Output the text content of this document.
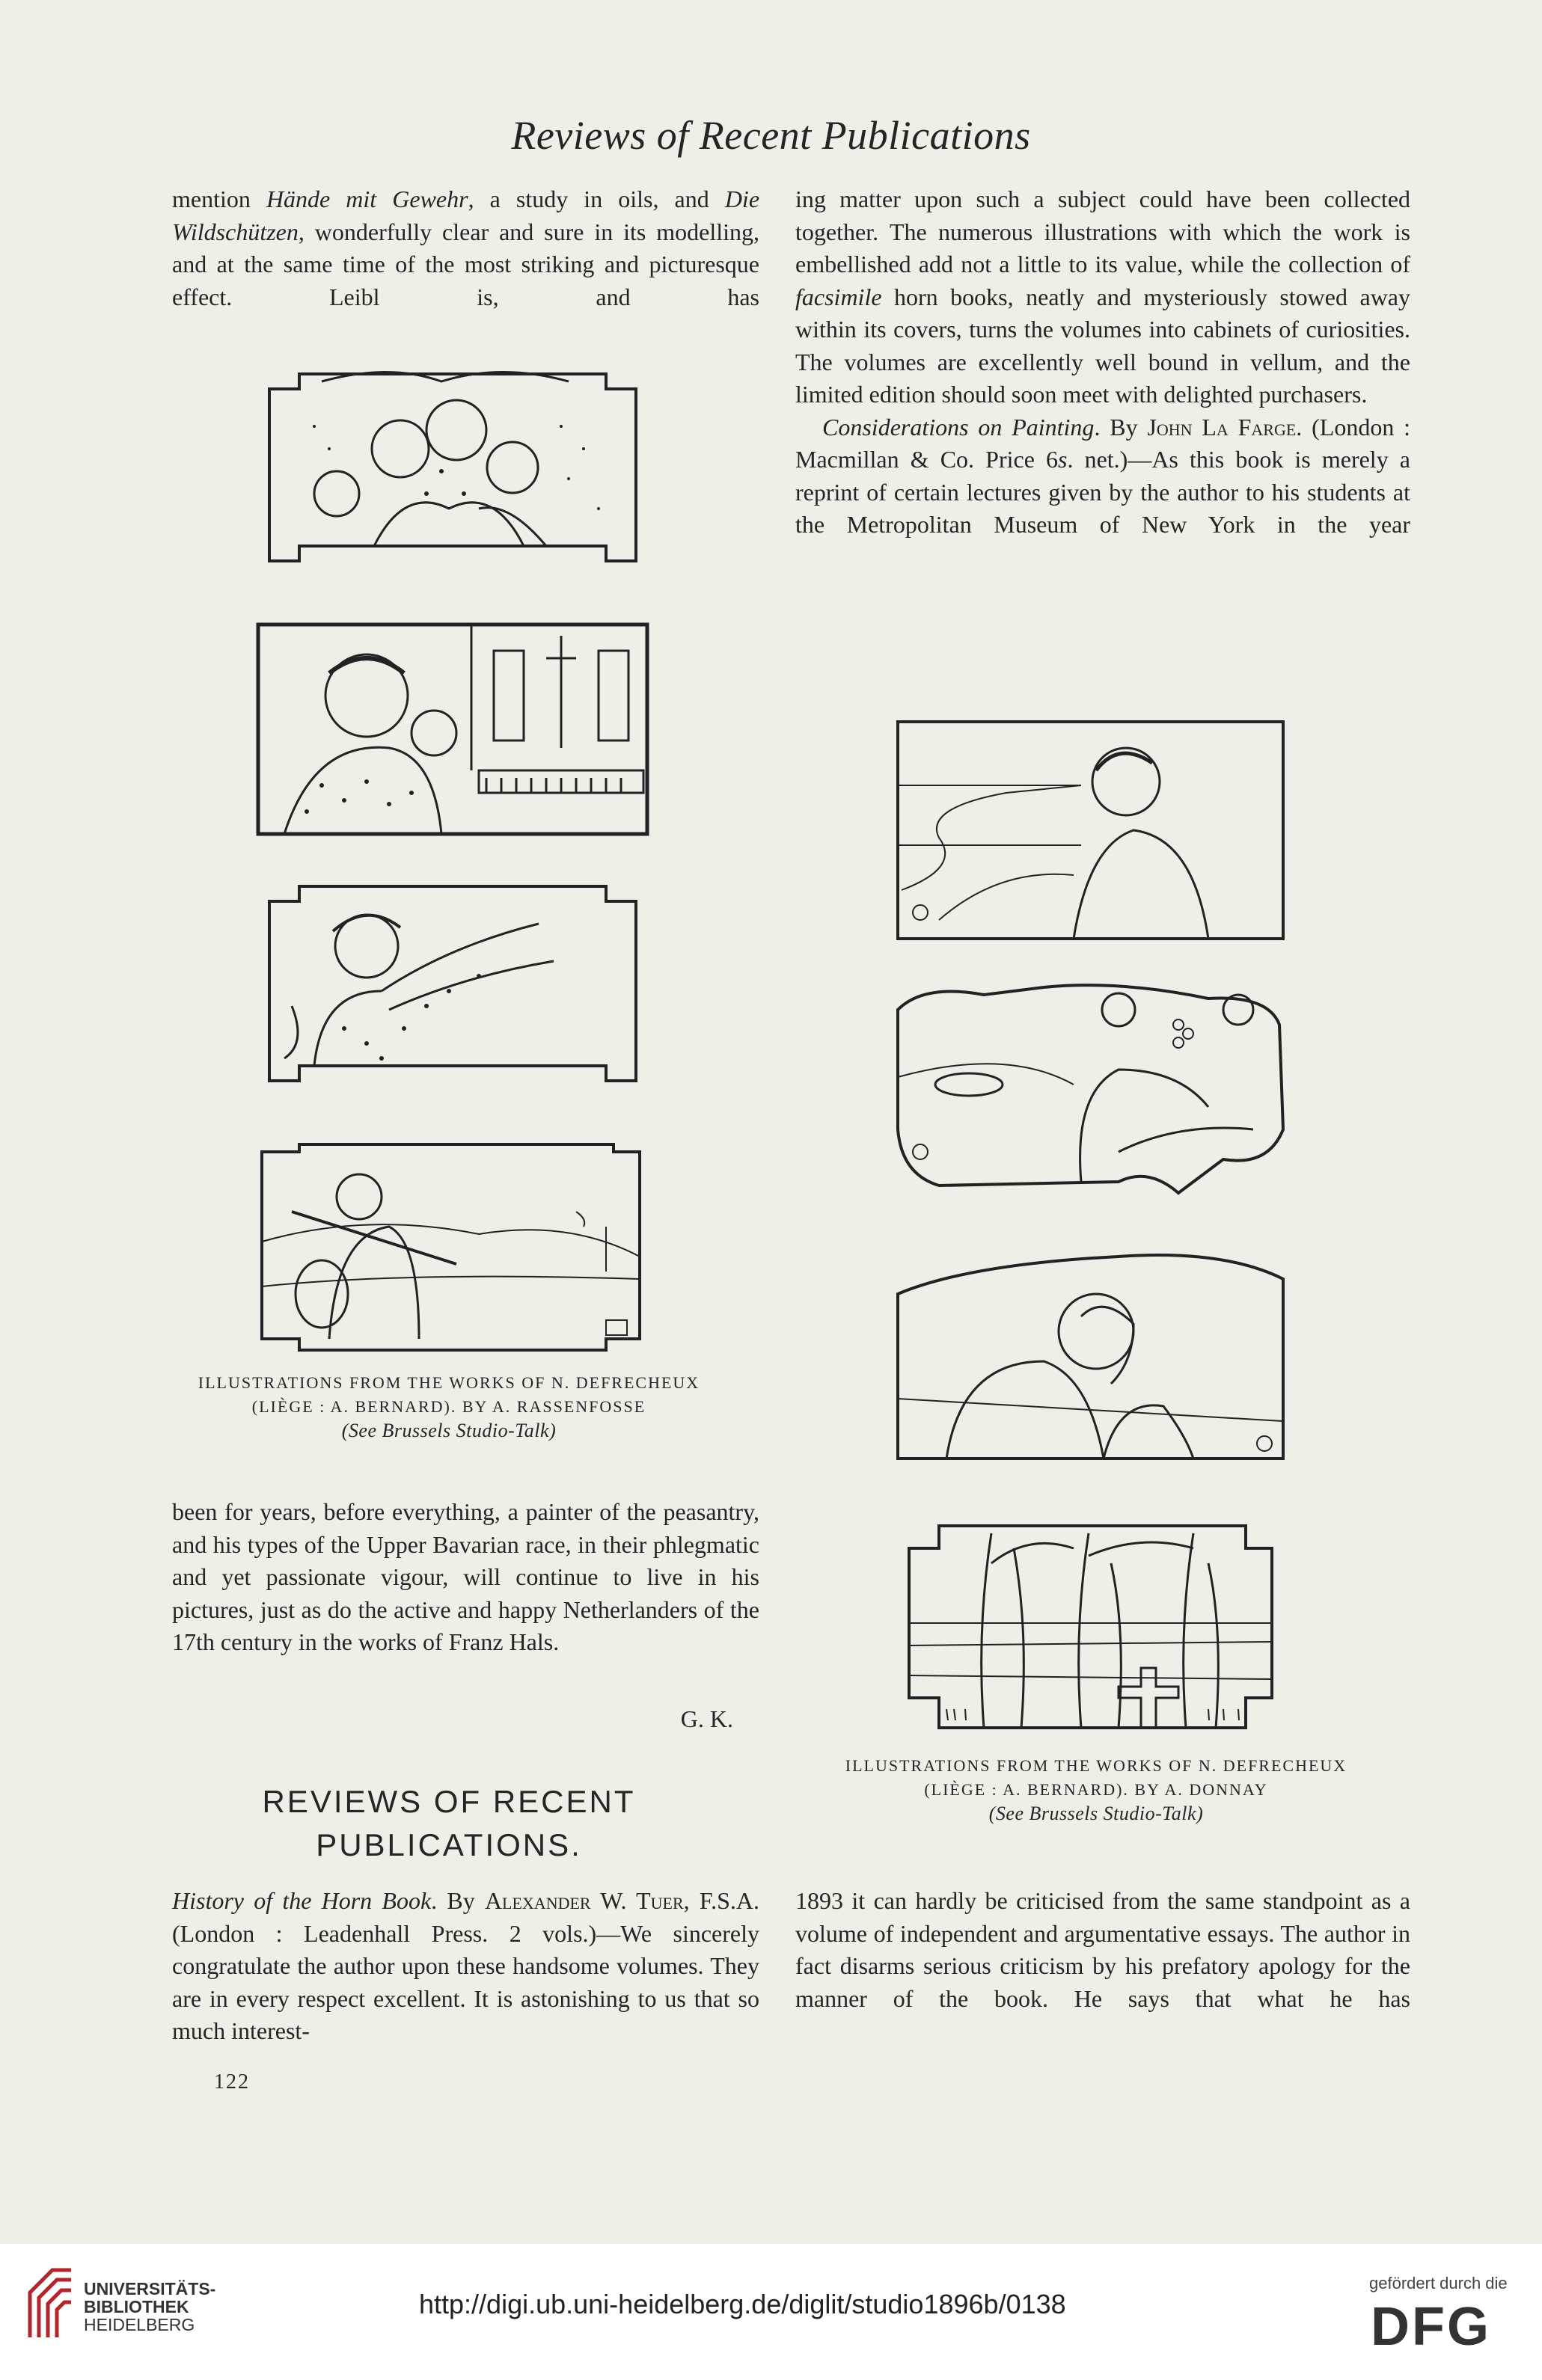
Reviews of Recent Publications

mention Hände mit Gewehr, a study in oils, and Die Wildschützen, wonderfully clear and sure in its modelling, and at the same time of the most striking and picturesque effect. Leibl is, and has

ILLUSTRATIONS FROM THE WORKS OF N. DEFRECHEUX
(LIÈGE : A. BERNARD). BY A. RASSENFOSSE
(See Brussels Studio-Talk)

been for years, before everything, a painter of the peasantry, and his types of the Upper Bavarian race, in their phlegmatic and yet passionate vigour, will continue to live in his pictures, just as do the active and happy Netherlanders of the 17th century in the works of Franz Hals.

G. K.
REVIEWS OF RECENT
PUBLICATIONS.

History of the Horn Book. By Alexander W. Tuer, F.S.A. (London : Leadenhall Press. 2 vols.)—We sincerely congratulate the author upon these handsome volumes. They are in every respect excellent. It is astonishing to us that so much interest-

122

ing matter upon such a subject could have been collected together. The numerous illustrations with which the work is embellished add not a little to its value, while the collection of facsimile horn books, neatly and mysteriously stowed away within its covers, turns the volumes into cabinets of curiosities. The volumes are excellently well bound in vellum, and the limited edition should soon meet with delighted purchasers.

Considerations on Painting. By John La Farge. (London : Macmillan & Co. Price 6s. net.)—As this book is merely a reprint of certain lectures given by the author to his students at the Metropolitan Museum of New York in the year

ILLUSTRATIONS FROM THE WORKS OF N. DEFRECHEUX
(LIÈGE : A. BERNARD). BY A. DONNAY
(See Brussels Studio-Talk)

1893 it can hardly be criticised from the same standpoint as a volume of independent and argumentative essays. The author in fact disarms serious criticism by his prefatory apology for the manner of the book. He says that what he has

UNIVERSITÄTS-
BIBLIOTHEK
HEIDELBERG
http://digi.ub.uni-heidelberg.de/diglit/studio1896b/0138
gefördert durch die
DFG
